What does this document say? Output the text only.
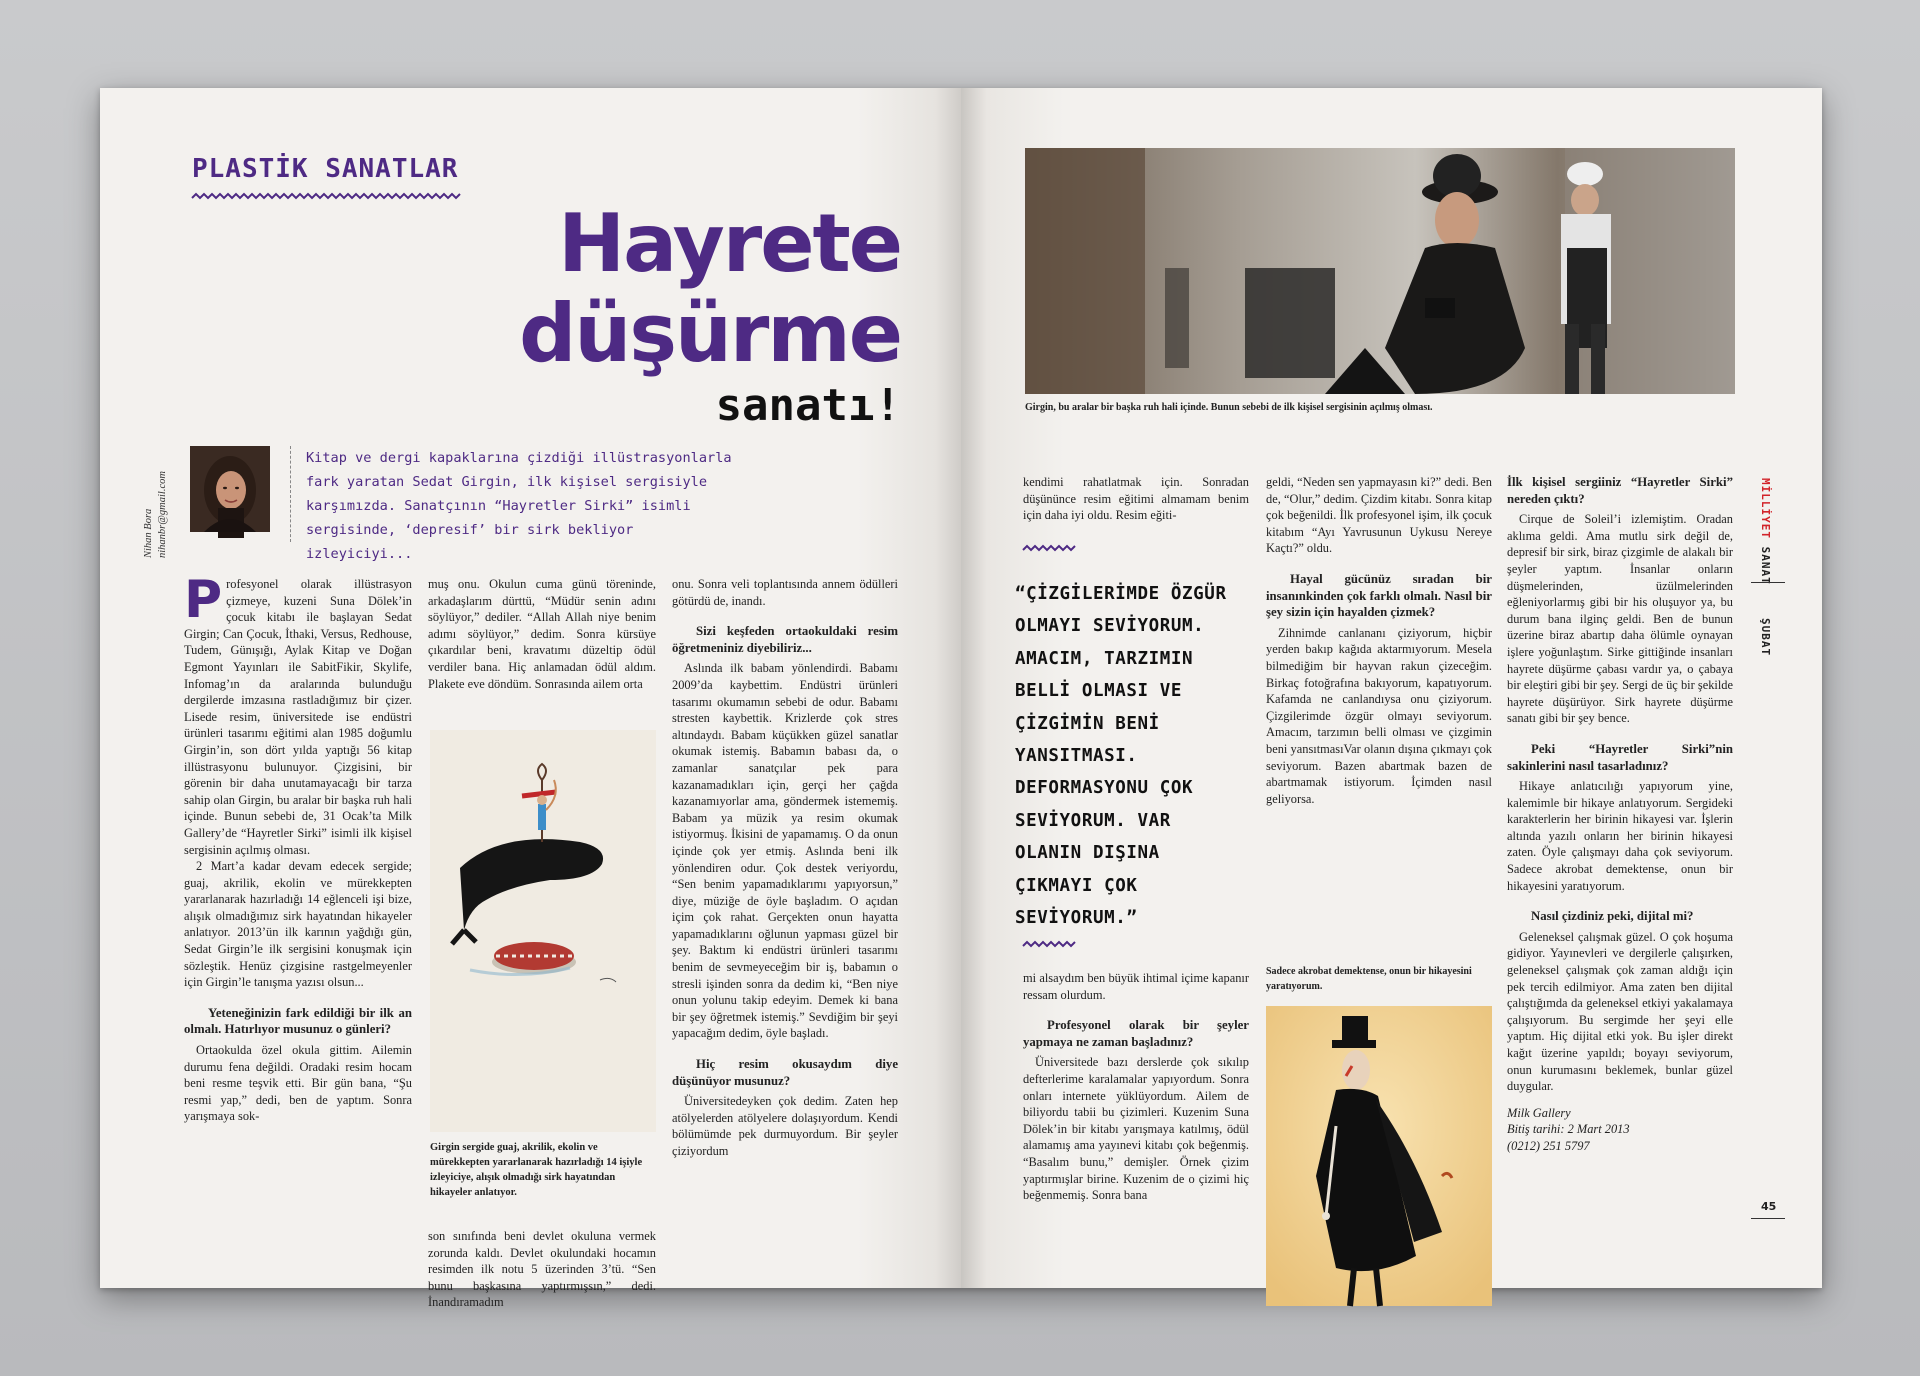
PLASTİK SANATLAR
Hayrete
düşürme
sanatı!
Nihan Bora nihanbr@gmail.com
Kitap ve dergi kapaklarına çizdiği illüstrasyonlarla fark yaratan Sedat Girgin, ilk kişisel sergisiyle karşımızda. Sanatçının “Hayretler Sirki” isimli sergisinde, ‘depresif’ bir sirk bekliyor izleyiciyi...

Profesyonel olarak illüstrasyon çizmeye, kuzeni Suna Dölek’in çocuk kitabı ile başlayan Sedat Girgin; Can Çocuk, İthaki, Versus, Redhouse, Tudem, Günışığı, Aylak Kitap ve Doğan Egmont Yayınları ile SabitFikir, Skylife, Infomag’ın da aralarında bulunduğu dergilerde imzasına rastladığımız bir çizer. Lisede resim, üniversitede ise endüstri ürünleri tasarımı eğitimi alan 1985 doğumlu Girgin’in, son dört yılda yaptığı 56 kitap illüstrasyonu bulunuyor. Çizgisini, bir görenin bir daha unutamayacağı bir tarza sahip olan Girgin, bu aralar bir başka ruh hali içinde. Bunun sebebi de, 31 Ocak’ta Milk Gallery’de “Hayretler Sirki” isimli ilk kişisel sergisinin açılmış olması.

2 Mart’a kadar devam edecek sergide; guaj, akrilik, ekolin ve mürekkepten yararlanarak hazırladığı 14 eğlenceli işi bize, alışık olmadığımız sirk hayatından hikayeler anlatıyor. 2013’ün ilk karının yağdığı gün, Sedat Girgin’le ilk sergisini konuşmak için sözleştik. Henüz çizgisine rastgelmeyenler için Girgin’le tanışma yazısı olsun...

Yeteneğinizin fark edildiği bir ilk an olmalı. Hatırlıyor musunuz o günleri?

Ortaokulda özel okula gittim. Ailemin durumu fena değildi. Oradaki resim hocam beni resme teşvik etti. Bir gün bana, “Şu resmi yap,” dedi, ben de yaptım. Sonra yarışmaya sok-

muş onu. Okulun cuma günü töreninde, arkadaşlarım dürttü, “Müdür senin adını söylüyor,” dediler. “Allah Allah niye benim adımı söylüyor,” dedim. Sonra kürsüye çıkardılar beni, kravatımı düzeltip ödül verdiler bana. Hiç anlamadan ödül aldım. Plakete eve döndüm. Sonrasında ailem orta

Girgin sergide guaj, akrilik, ekolin ve mürekkepten yararlanarak hazırladığı 14 işiyle izleyiciye, alışık olmadığı sirk hayatından hikayeler anlatıyor.

son sınıfında beni devlet okuluna vermek zorunda kaldı. Devlet okulundaki hocamın resimden ilk notu 5 üzerinden 3’tü. “Sen bunu başkasına yaptırmışsın,” dedi. İnandıramadım

onu. Sonra veli toplantısında annem ödülleri götürdü de, inandı.

Sizi keşfeden ortaokuldaki resim öğretmeniniz diyebiliriz...

Aslında ilk babam yönlendirdi. Babamı 2009’da kaybettim. Endüstri ürünleri tasarımı okumamın sebebi de odur. Babamı stresten kaybettik. Krizlerde çok stres altındaydı. Babam küçükken güzel sanatlar okumak istemiş. Babamın babası da, o zamanlar sanatçılar pek para kazanamadıkları için, gerçi her çağda kazanamıyorlar ama, göndermek istememiş. Babam ya müzik ya resim okumak istiyormuş. İkisini de yapamamış. O da onun içinde çok yer etmiş. Aslında beni ilk yönlendiren odur. Çok destek veriyordu, “Sen benim yapamadıklarımı yapıyorsun,” diye, müziğe de öyle başladım. O açıdan içim çok rahat. Gerçekten onun hayatta yapamadıklarını oğlunun yapması güzel bir şey. Baktım ki endüstri ürünleri tasarımı benim de sevmeyeceğim bir iş, babamın o stresli işinden sonra da dedim ki, “Ben niye onun yolunu takip edeyim. Demek ki bana bir şey öğretmek istemiş.” Sevdiğim bir şeyi yapacağım dedim, öyle başladı.

Hiç resim okusaydım diye düşünüyor musunuz?

Üniversitedeyken çok dedim. Zaten hep atölyelerden atölyelere dolaşıyordum. Kendi bölümümde pek durmuyordum. Bir şeyler çiziyordum

Girgin, bu aralar bir başka ruh hali içinde. Bunun sebebi de ilk kişisel sergisinin açılmış olması.

kendimi rahatlatmak için. Sonradan düşününce resim eğitimi almamam benim için daha iyi oldu. Resim eğiti-

“ÇİZGİLERİMDE ÖZGÜR OLMAYI SEVİYORUM. AMACIM, TARZIMIN BELLİ OLMASI VE ÇİZGİMİN BENİ YANSITMASI. DEFORMASYONU ÇOK SEVİYORUM. VAR OLANIN DIŞINA ÇIKMAYI ÇOK SEVİYORUM.”

mi alsaydım ben büyük ihtimal içime kapanır ressam olurdum.

Profesyonel olarak bir şeyler yapmaya ne zaman başladınız?

Üniversitede bazı derslerde çok sıkılıp defterlerime karalamalar yapıyordum. Sonra onları internete yüklüyordum. Ailem de biliyordu tabii bu çizimleri. Kuzenim Suna Dölek’in bir kitabı yarışmaya katılmış, ödül alamamış ama yayınevi kitabı çok beğenmiş. “Basalım bunu,” demişler. Örnek çizim yaptırmışlar birine. Kuzenim de o çizimi hiç beğenmemiş. Sonra bana

geldi, “Neden sen yapmayasın ki?” dedi. Ben de, “Olur,” dedim. Çizdim kitabı. Sonra kitap çok beğenildi. İlk profesyonel işim, ilk çocuk kitabım “Ayı Yavrusunun Uykusu Nereye Kaçtı?” oldu.

Hayal gücünüz sıradan bir insanınkinden çok farklı olmalı. Nasıl bir şey sizin için hayalden çizmek?

Zihnimde canlananı çiziyorum, hiçbir yerden bakıp kağıda aktarmıyorum. Mesela bilmediğim bir hayvan rakun çizeceğim. Birkaç fotoğrafına bakıyorum, kapatıyorum. Kafamda ne canlandıysa onu çiziyorum. Çizgilerimde özgür olmayı seviyorum. Amacım, tarzımın belli olması ve çizgimin beni yansıtmasıVar olanın dışına çıkmayı çok seviyorum. Bazen abartmak bazen de abartmamak istiyorum. İçimden nasıl geliyorsa.

Sadece akrobat demektense, onun bir hikayesini yaratıyorum.
İlk kişisel sergiiniz “Hayretler Sirki” nereden çıktı?

Cirque de Soleil’i izlemiştim. Oradan aklıma geldi. Ama mutlu sirk değil de, depresif bir sirk, biraz çizgimle de alakalı bir şeyler yaptım. İnsanlar onların düşmelerinden, üzülmelerinden eğleniyorlarmış gibi bir his oluşuyor ya, bu durum bana ilginç geldi. Ben de bunun üzerine biraz abartıp daha ölümle oynayan işlere yoğunlaştım. Sirke gittiğinde insanları hayrete düşürme çabası vardır ya, o çabaya bir eleştiri gibi bir şey. Sergi de üç bir şekilde hayrete düşürüyor. Sirk hayrete düşürme sanatı gibi bir şey bence.

Peki “Hayretler Sirki”nin sakinlerini nasıl tasarladınız?

Hikaye anlatıcılığı yapıyorum yine, kalemimle bir hikaye anlatıyorum. Sergideki karakterlerin her birinin hikayesi var. İşlerin altında yazılı onların her birinin hikayesi zaten. Öyle çalışmayı daha çok seviyorum. Sadece akrobat demektense, onun bir hikayesini yaratıyorum.

Nasıl çizdiniz peki, dijital mi?

Geleneksel çalışmak güzel. O çok hoşuma gidiyor. Yayınevleri ve dergilerle çalışırken, geleneksel çalışmak çok zaman aldığı için pek tercih edilmiyor. Ama zaten ben dijital çalıştığımda da geleneksel etkiyi yakalamaya çalışıyorum. Bu sergimde her şeyi elle yaptım. Hiç dijital etki yok. Bu işler direkt kağıt üzerine yapıldı; boyayı seviyorum, onun kurumasını beklemek, bunlar güzel duygular.

Milk Gallery
Bitiş tarihi: 2 Mart 2013
(0212) 251 5797
MİLLİYET SANAT  ŞUBAT
45
